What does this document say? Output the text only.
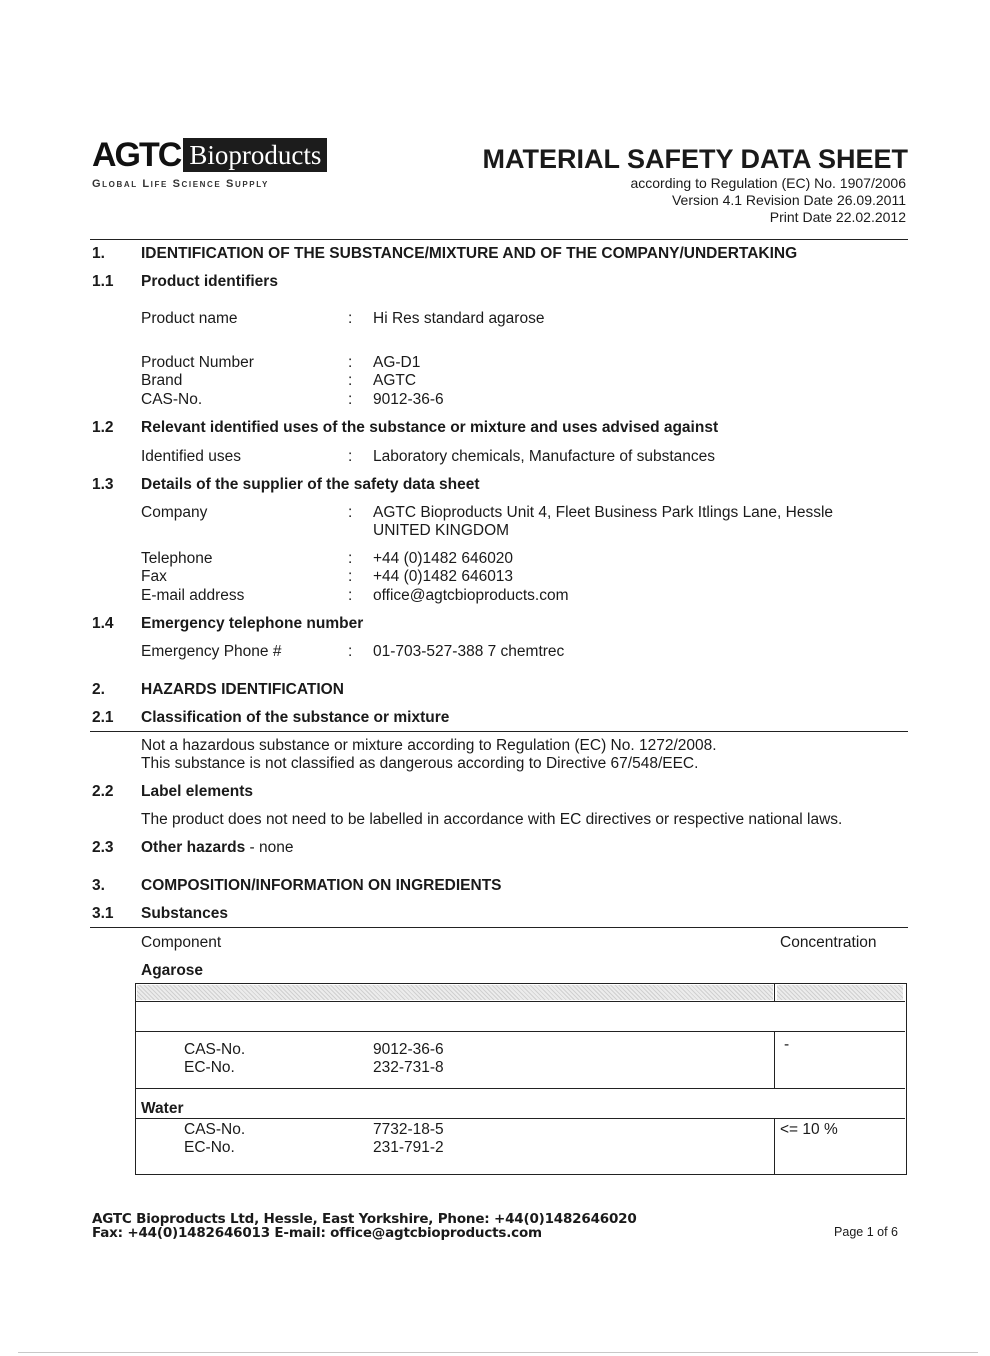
AGTC Bioproducts
Global Life Science Supply
MATERIAL SAFETY DATA SHEET
according to Regulation (EC) No. 1907/2006
Version 4.1 Revision Date 26.09.2011
Print Date 22.02.2012
1. IDENTIFICATION OF THE SUBSTANCE/MIXTURE AND OF THE COMPANY/UNDERTAKING
1.1 Product identifiers
Product name	: Hi Res standard agarose
Product Number	: AG-D1
Brand	: AGTC
CAS-No.	: 9012-36-6
1.2 Relevant identified uses of the substance or mixture and uses advised against
Identified uses	: Laboratory chemicals, Manufacture of substances
1.3 Details of the supplier of the safety data sheet
Company	: AGTC Bioproducts Unit 4, Fleet Business Park Itlings Lane, Hessle
UNITED KINGDOM
Telephone	: +44 (0)1482 646020
Fax	: +44 (0)1482 646013
E-mail address	: office@agtcbioproducts.com
1.4 Emergency telephone number
Emergency Phone #	: 01-703-527-388 7 chemtrec
2. HAZARDS IDENTIFICATION
2.1 Classification of the substance or mixture
Not a hazardous substance or mixture according to Regulation (EC) No. 1272/2008.
This substance is not classified as dangerous according to Directive 67/548/EEC.
2.2 Label elements
The product does not need to be labelled in accordance with EC directives or respective national laws.
2.3 Other hazards - none
3. COMPOSITION/INFORMATION ON INGREDIENTS
3.1 Substances
Component	Concentration
Agarose
CAS-No.	9012-36-6
EC-No.	232-731-8
-
Water
CAS-No.	7732-18-5
EC-No.	231-791-2
<= 10 %
AGTC Bioproducts Ltd, Hessle, East Yorkshire, Phone: +44(0)1482646020
Fax: +44(0)1482646013 E-mail: office@agtcbioproducts.com	Page 1 of 6
